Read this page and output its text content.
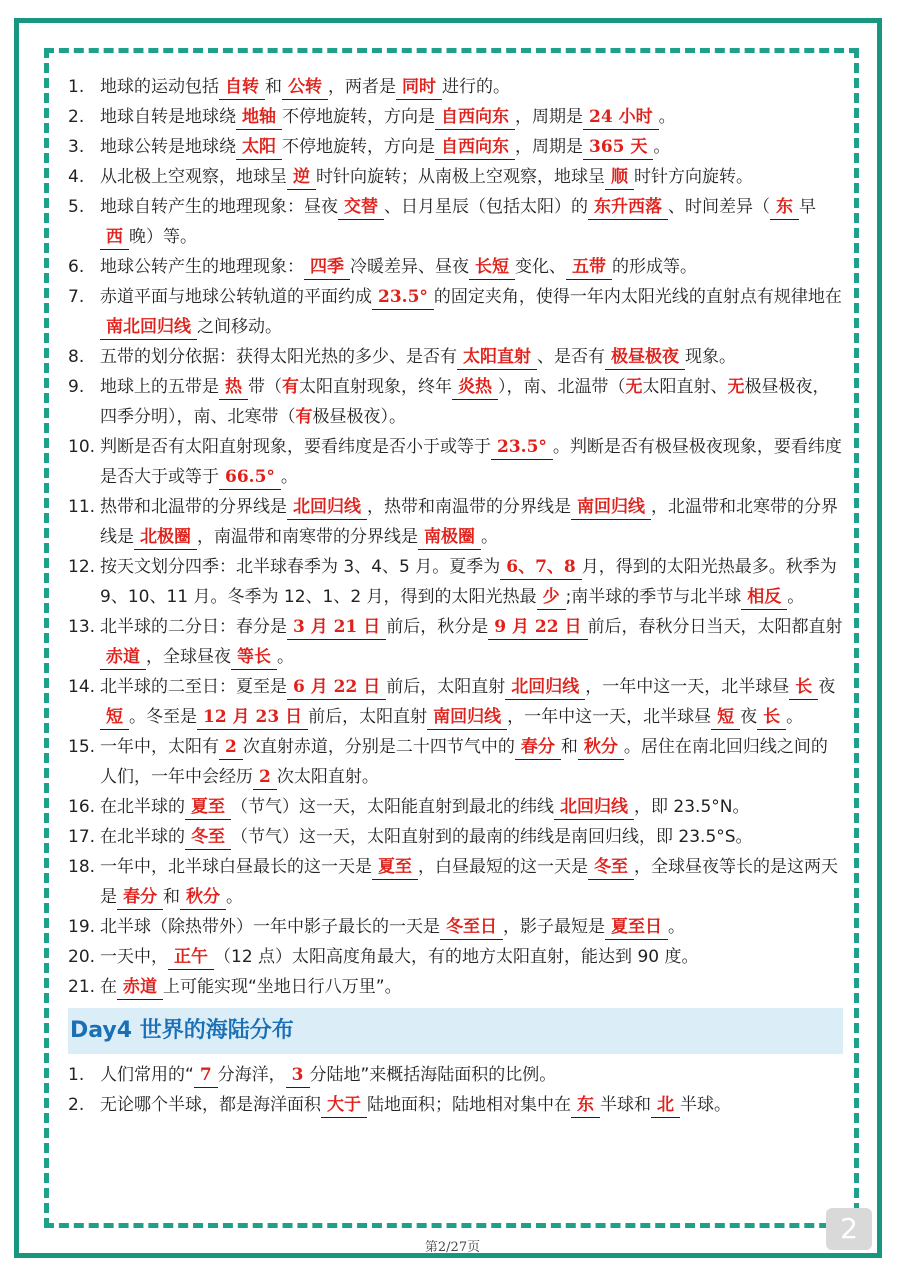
1. 地球的运动包括 自转 和 公转 ，两者是 同时 进行的。
2. 地球自转是地球绕 地轴 不停地旋转，方向是 自西向东 ，周期是 24 小时 。
3. 地球公转是地球绕 太阳 不停地旋转，方向是 自西向东 ，周期是 365 天 。
4. 从北极上空观察，地球呈 逆 时针向旋转；从南极上空观察，地球呈 顺 时针方向旋转。
5. 地球自转产生的地理现象：昼夜 交替 、日月星辰（包括太阳）的 东升西落 、时间差异（ 东 早西 晚）等。
6. 地球公转产生的地理现象： 四季 冷暖差异、昼夜 长短 变化、 五带 的形成等。
7. 赤道平面与地球公转轨道的平面约成 23.5° 的固定夹角，使得一年内太阳光线的直射点有规律地在南北回归线 之间移动。
8. 五带的划分依据：获得太阳光热的多少、是否有 太阳直射 、是否有 极昼极夜 现象。
9. 地球上的五带是 热 带（有太阳直射现象，终年 炎热 ），南、北温带（无太阳直射、无极昼极夜，四季分明），南、北寒带（有极昼极夜）。
10. 判断是否有太阳直射现象，要看纬度是否小于或等于 23.5° 。判断是否有极昼极夜现象，要看纬度是否大于或等于 66.5° 。
11. 热带和北温带的分界线是 北回归线 ，热带和南温带的分界线是 南回归线 ，北温带和北寒带的分界线是 北极圈 ，南温带和南寒带的分界线是 南极圈 。
12. 按天文划分四季：北半球春季为 3、4、5 月。夏季为 6、7、8 月，得到的太阳光热最多。秋季为 9、10、11 月。冬季为 12、1、2 月，得到的太阳光热最 少 ;南半球的季节与北半球 相反 。
13. 北半球的二分日：春分是 3 月 21 日 前后，秋分是 9 月 22 日 前后，春秋分日当天，太阳都直射赤道 ，全球昼夜 等长 。
14. 北半球的二至日：夏至是 6 月 22 日 前后，太阳直射 北回归线 ，一年中这一天，北半球昼 长 夜短 。冬至是 12 月 23 日 前后，太阳直射 南回归线 ，一年中这一天，北半球昼 短 夜 长 。
15. 一年中，太阳有 2 次直射赤道，分别是二十四节气中的 春分 和 秋分 。居住在南北回归线之间的人们，一年中会经历 2 次太阳直射。
16. 在北半球的 夏至 （节气）这一天，太阳能直射到最北的纬线 北回归线 ，即 23.5°N。
17. 在北半球的 冬至 （节气）这一天，太阳直射到的最南的纬线是南回归线，即 23.5°S。
18. 一年中，北半球白昼最长的这一天是 夏至 ，白昼最短的这一天是 冬至 ，全球昼夜等长的是这两天是 春分 和 秋分 。
19. 北半球（除热带外）一年中影子最长的一天是 冬至日 ，影子最短是 夏至日 。
20. 一天中， 正午 （12 点）太阳高度角最大，有的地方太阳直射，能达到 90 度。
21. 在 赤道 上可能实现“坐地日行八万里”。
Day4 世界的海陆分布
1. 人们常用的“ 7 分海洋， 3 分陆地”来概括海陆面积的比例。
2. 无论哪个半球，都是海洋面积 大于 陆地面积；陆地相对集中在 东 半球和 北 半球。
2
第2/27页
